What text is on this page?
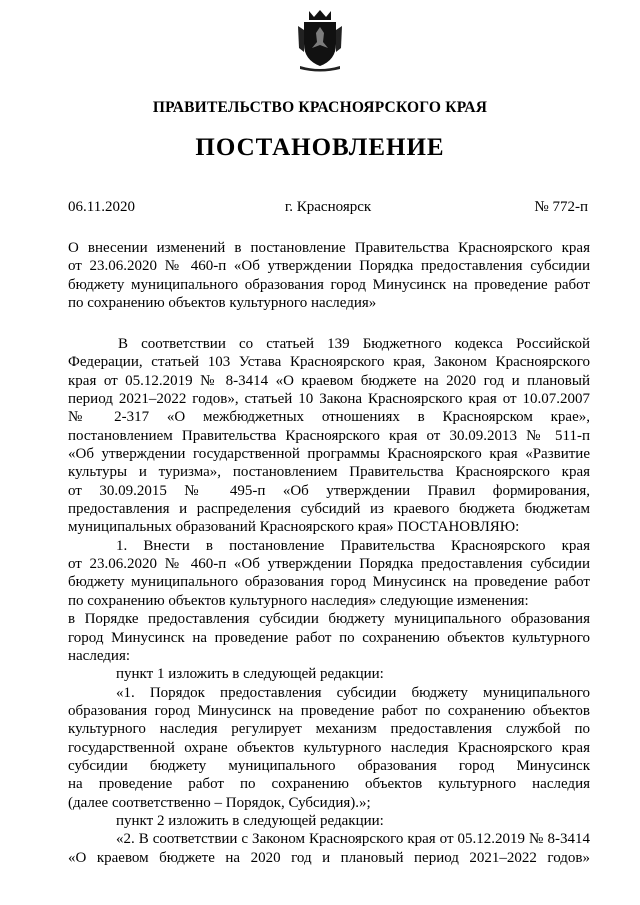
ПРАВИТЕЛЬСТВО КРАСНОЯРСКОГО КРАЯ
ПОСТАНОВЛЕНИЕ
г. Красноярск
06.11.2020	№ 772-п
О внесении изменений в постановление Правительства Красноярского края
от 23.06.2020 № 460-п «Об утверждении Порядка предоставления субсидии
бюджету муниципального образования город Минусинск на проведение работ
по сохранению объектов культурного наследия»
В соответствии со статьей 139 Бюджетного кодекса Российской
Федерации, статьей 103 Устава Красноярского края, Законом Красноярского
края от 05.12.2019 № 8-3414 «О краевом бюджете на 2020 год и плановый
период 2021–2022 годов», статьей 10 Закона Красноярского края от 10.07.2007
№ 2-317 «О межбюджетных отношениях в Красноярском крае»,
постановлением Правительства Красноярского края от 30.09.2013 № 511-п
«Об утверждении государственной программы Красноярского края «Развитие
культуры и туризма», постановлением Правительства Красноярского края
от 30.09.2015 № 495-п «Об утверждении Правил формирования,
предоставления и распределения субсидий из краевого бюджета бюджетам
муниципальных образований Красноярского края» ПОСТАНОВЛЯЮ:
1. Внести в постановление Правительства Красноярского края
от 23.06.2020 № 460-п «Об утверждении Порядка предоставления субсидии
бюджету муниципального образования город Минусинск на проведение работ
по сохранению объектов культурного наследия» следующие изменения:
в Порядке предоставления субсидии бюджету муниципального образования
город Минусинск на проведение работ по сохранению объектов культурного
наследия:
пункт 1 изложить в следующей редакции:
«1. Порядок предоставления субсидии бюджету муниципального
образования город Минусинск на проведение работ по сохранению объектов
культурного наследия регулирует механизм предоставления службой по
государственной охране объектов культурного наследия Красноярского края
субсидии бюджету муниципального образования город Минусинск
на проведение работ по сохранению объектов культурного наследия
(далее соответственно – Порядок, Субсидия).»;
пункт 2 изложить в следующей редакции:
«2. В соответствии с Законом Красноярского края от 05.12.2019 № 8-3414
«О краевом бюджете на 2020 год и плановый период 2021–2022 годов»
